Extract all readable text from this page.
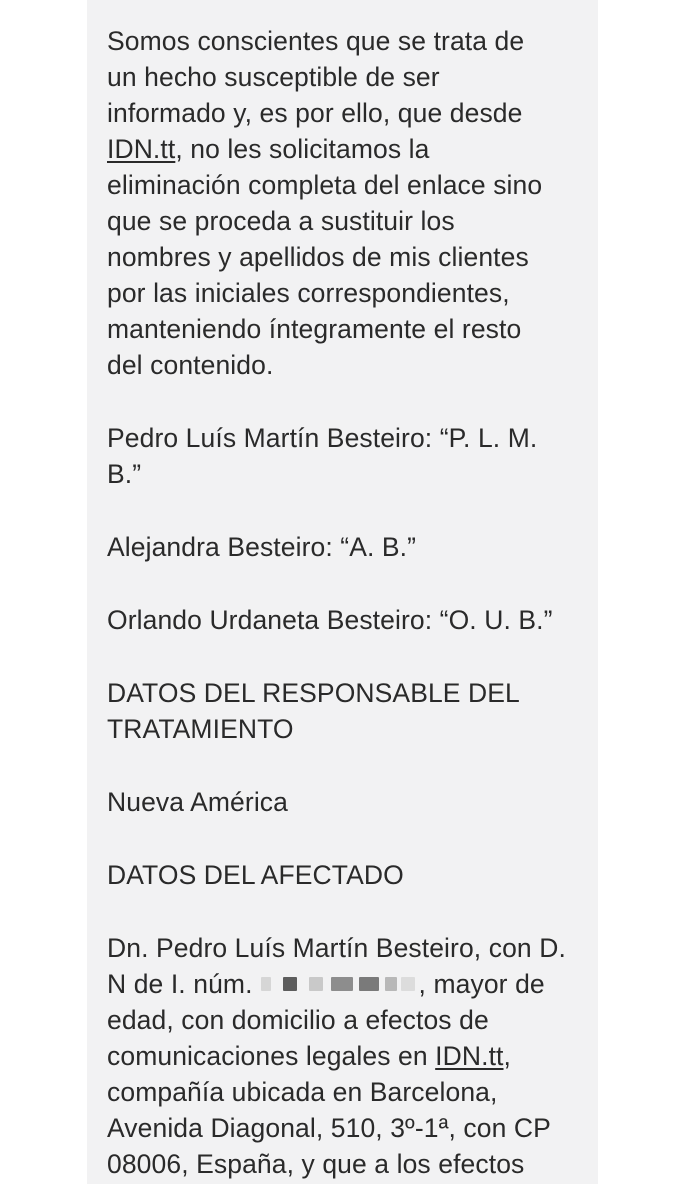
Somos conscientes que se trata de
un hecho susceptible de ser
informado y, es por ello, que desde
IDN.tt, no les solicitamos la
eliminación completa del enlace sino
que se proceda a sustituir los
nombres y apellidos de mis clientes
por las iniciales correspondientes,
manteniendo íntegramente el resto
del contenido.
Pedro Luís Martín Besteiro: “P. L. M.
B.”
Alejandra Besteiro: “A. B.”
Orlando Urdaneta Besteiro: “O. U. B.”
DATOS DEL RESPONSABLE DEL
TRATAMIENTO
Nueva América
DATOS DEL AFECTADO
Dn. Pedro Luís Martín Besteiro, con D.
N de I. núm.	, mayor de
edad, con domicilio a efectos de
comunicaciones legales en IDN.tt,
compañía ubicada en Barcelona,
Avenida Diagonal, 510, 3º-1ª, con CP
08006, España, y que a los efectos
